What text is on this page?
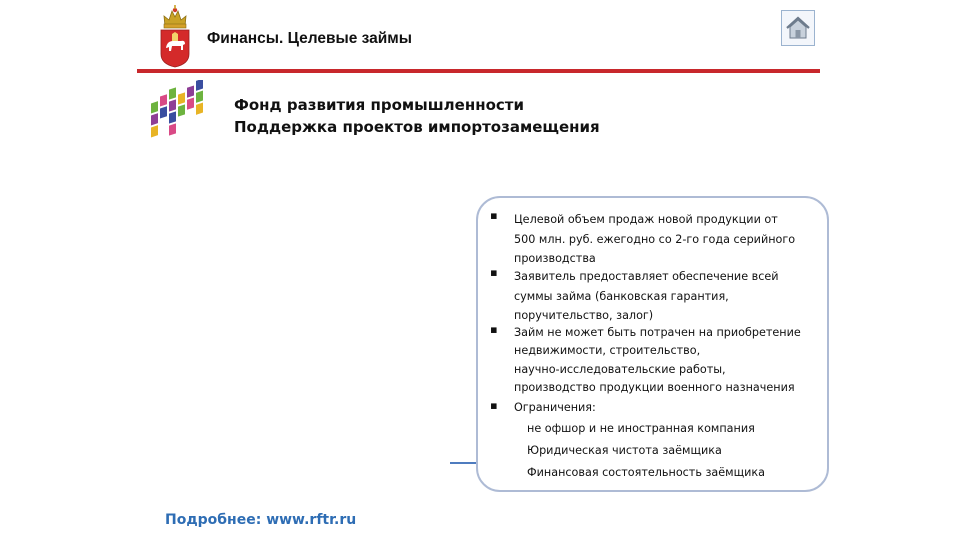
Финансы. Целевые займы
Фонд развития промышленности
Поддержка проектов импортозамещения
▪ Целевой объем продаж новой продукции от
500 млн. руб. ежегодно со 2-го года серийного
производства
▪ Заявитель предоставляет обеспечение всей
суммы займа (банковская гарантия,
поручительство, залог)
▪ Займ не может быть потрачен на приобретение
недвижимости, строительство,
научно-исследовательские работы,
производство продукции военного назначения
▪ Ограничения:
не офшор и не иностранная компания
Юридическая чистота заёмщика
Финансовая состоятельность заёмщика
Подробнее: www.rftr.ru
